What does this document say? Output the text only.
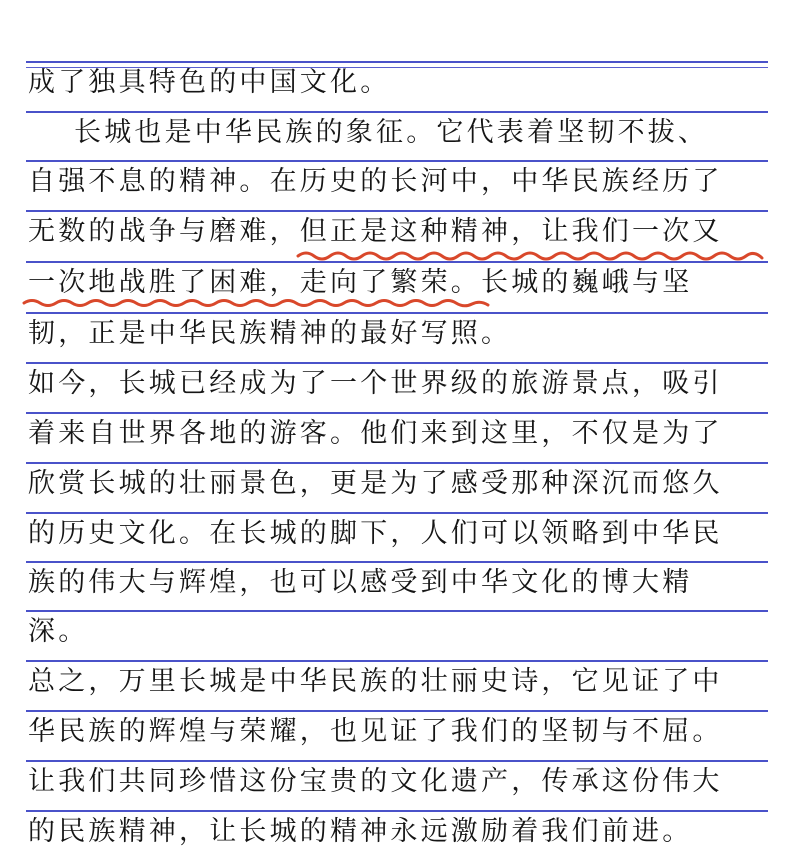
成了独具特色的中国文化。
长城也是中华民族的象征。它代表着坚韧不拔、
自强不息的精神。在历史的长河中，中华民族经历了
无数的战争与磨难，但正是这种精神，让我们一次又
一次地战胜了困难，走向了繁荣。长城的巍峨与坚
韧，正是中华民族精神的最好写照。
如今，长城已经成为了一个世界级的旅游景点，吸引
着来自世界各地的游客。他们来到这里，不仅是为了
欣赏长城的壮丽景色，更是为了感受那种深沉而悠久
的历史文化。在长城的脚下，人们可以领略到中华民
族的伟大与辉煌，也可以感受到中华文化的博大精
深。
总之，万里长城是中华民族的壮丽史诗，它见证了中
华民族的辉煌与荣耀，也见证了我们的坚韧与不屈。
让我们共同珍惜这份宝贵的文化遗产，传承这份伟大
的民族精神，让长城的精神永远激励着我们前进。
